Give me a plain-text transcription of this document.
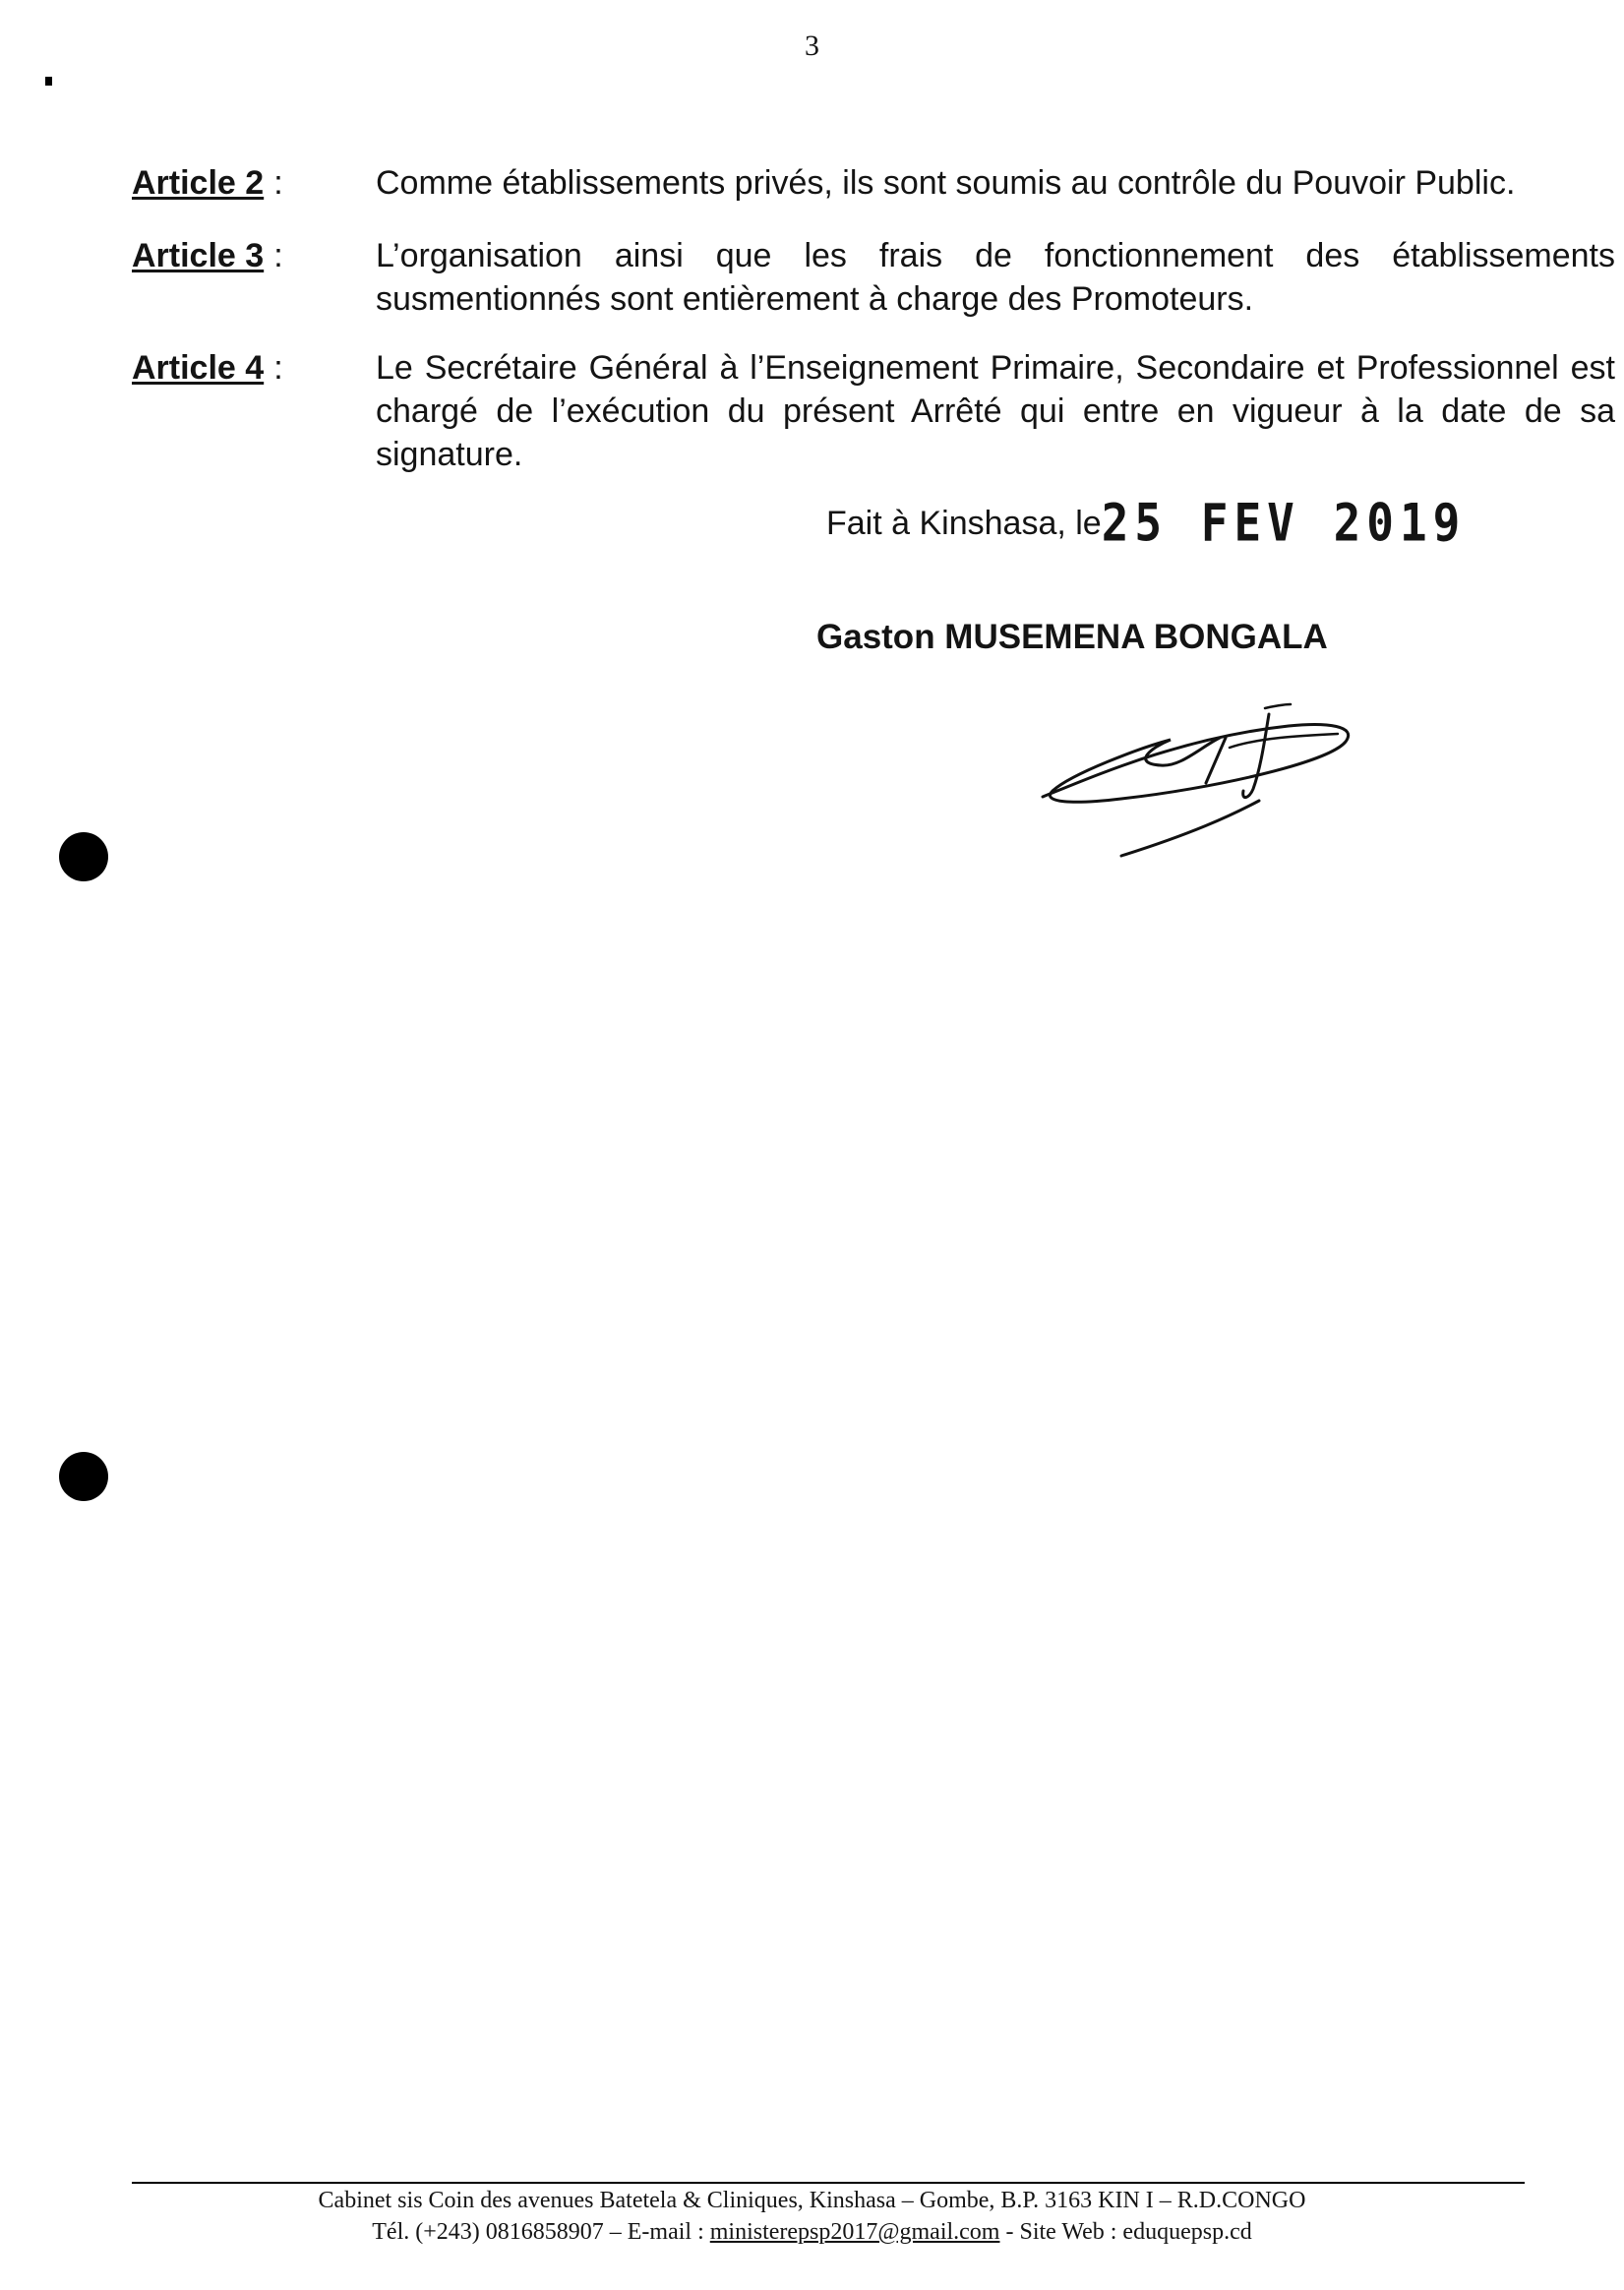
3
Article 2 :	Comme établissements privés, ils sont soumis au contrôle du Pouvoir Public.
Article 3 :	L’organisation ainsi que les frais de fonctionnement des établissements susmentionnés sont entièrement à charge des Promoteurs.
Article 4 :	Le Secrétaire Général à l’Enseignement Primaire, Secondaire et Professionnel est chargé de l’exécution du présent Arrêté qui entre en vigueur à la date de sa signature.
Fait à Kinshasa, le25 FEV 2019
Gaston MUSEMENA BONGALA
Cabinet sis Coin des avenues Batetela & Cliniques, Kinshasa – Gombe, B.P. 3163 KIN I – R.D.CONGO
Tél. (+243) 0816858907 – E-mail : ministerepsp2017@gmail.com - Site Web : eduquepsp.cd
